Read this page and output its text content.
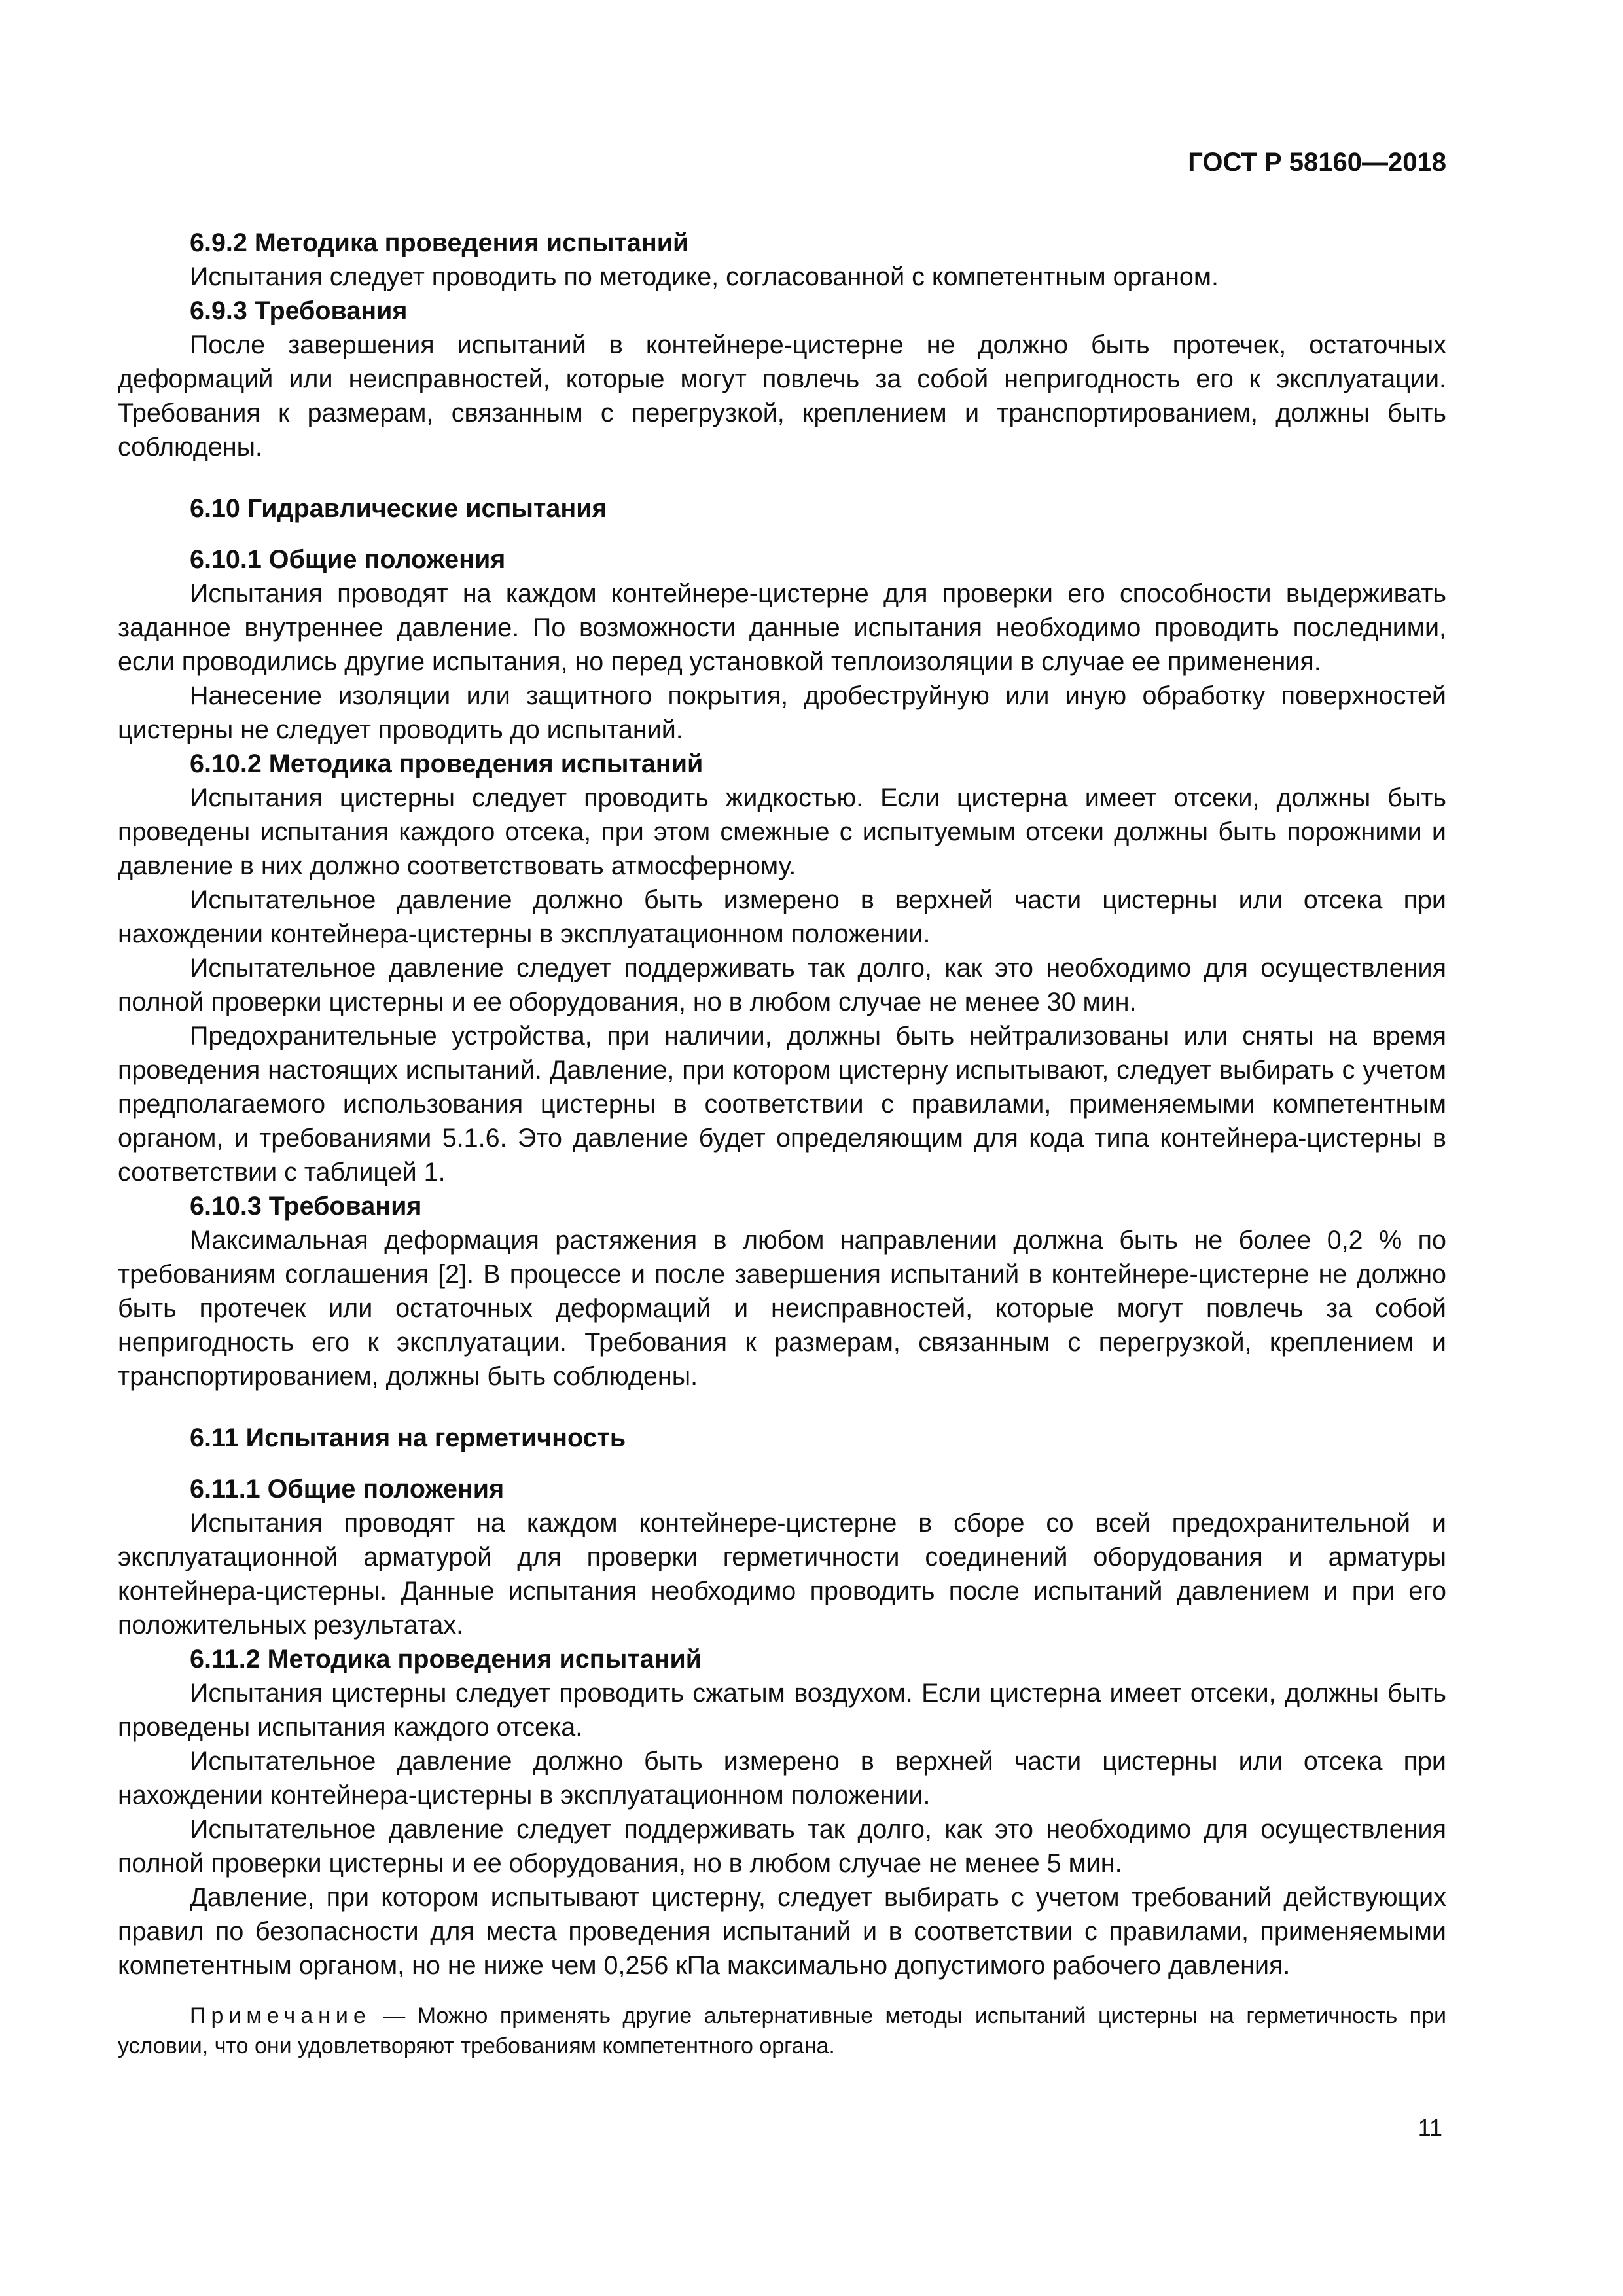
ГОСТ Р 58160—2018

6.9.2 Методика проведения испытаний

Испытания следует проводить по методике, согласованной с компетентным органом.

6.9.3 Требования

После завершения испытаний в контейнере-цистерне не должно быть протечек, остаточных деформаций или неисправностей, которые могут повлечь за собой непригодность его к эксплуатации. Требования к размерам, связанным с перегрузкой, креплением и транспортированием, должны быть соблюдены.

6.10 Гидравлические испытания

6.10.1 Общие положения

Испытания проводят на каждом контейнере-цистерне для проверки его способности выдерживать заданное внутреннее давление. По возможности данные испытания необходимо проводить последними, если проводились другие испытания, но перед установкой теплоизоляции в случае ее применения.

Нанесение изоляции или защитного покрытия, дробеструйную или иную обработку поверхностей цистерны не следует проводить до испытаний.

6.10.2 Методика проведения испытаний

Испытания цистерны следует проводить жидкостью. Если цистерна имеет отсеки, должны быть проведены испытания каждого отсека, при этом смежные с испытуемым отсеки должны быть порожними и давление в них должно соответствовать атмосферному.

Испытательное давление должно быть измерено в верхней части цистерны или отсека при нахождении контейнера-цистерны в эксплуатационном положении.

Испытательное давление следует поддерживать так долго, как это необходимо для осуществления полной проверки цистерны и ее оборудования, но в любом случае не менее 30 мин.

Предохранительные устройства, при наличии, должны быть нейтрализованы или сняты на время проведения настоящих испытаний. Давление, при котором цистерну испытывают, следует выбирать с учетом предполагаемого использования цистерны в соответствии с правилами, применяемыми компетентным органом, и требованиями 5.1.6. Это давление будет определяющим для кода типа контейнера-цистерны в соответствии с таблицей 1.

6.10.3 Требования

Максимальная деформация растяжения в любом направлении должна быть не более 0,2 % по требованиям соглашения [2]. В процессе и после завершения испытаний в контейнере-цистерне не должно быть протечек или остаточных деформаций и неисправностей, которые могут повлечь за собой непригодность его к эксплуатации. Требования к размерам, связанным с перегрузкой, креплением и транспортированием, должны быть соблюдены.

6.11 Испытания на герметичность

6.11.1 Общие положения

Испытания проводят на каждом контейнере-цистерне в сборе со всей предохранительной и эксплуатационной арматурой для проверки герметичности соединений оборудования и арматуры контейнера-цистерны. Данные испытания необходимо проводить после испытаний давлением и при его положительных результатах.

6.11.2 Методика проведения испытаний

Испытания цистерны следует проводить сжатым воздухом. Если цистерна имеет отсеки, должны быть проведены испытания каждого отсека.

Испытательное давление должно быть измерено в верхней части цистерны или отсека при нахождении контейнера-цистерны в эксплуатационном положении.

Испытательное давление следует поддерживать так долго, как это необходимо для осуществления полной проверки цистерны и ее оборудования, но в любом случае не менее 5 мин.

Давление, при котором испытывают цистерну, следует выбирать с учетом требований действующих правил по безопасности для места проведения испытаний и в соответствии с правилами, применяемыми компетентным органом, но не ниже чем 0,256 кПа максимально допустимого рабочего давления.

Примечание — Можно применять другие альтернативные методы испытаний цистерны на герметичность при условии, что они удовлетворяют требованиям компетентного органа.

11
